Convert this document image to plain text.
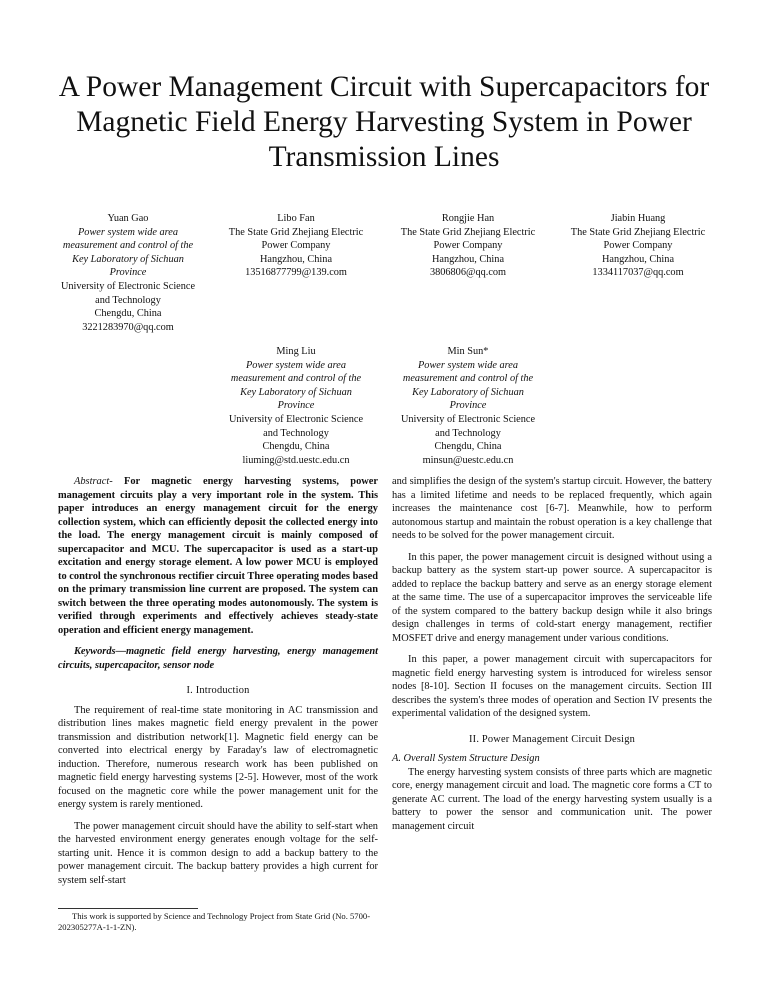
A Power Management Circuit with Supercapacitors for Magnetic Field Energy Harvesting System in Power Transmission Lines
Yuan Gao
Power system wide area
measurement and control of the
Key Laboratory of Sichuan
Province
University of Electronic Science
and Technology
Chengdu, China
3221283970@qq.com
Libo Fan
The State Grid Zhejiang Electric
Power Company
Hangzhou, China
13516877799@139.com
Rongjie Han
The State Grid Zhejiang Electric
Power Company
Hangzhou, China
3806806@qq.com
Jiabin Huang
The State Grid Zhejiang Electric
Power Company
Hangzhou, China
1334117037@qq.com
Ming Liu
Power system wide area
measurement and control of the
Key Laboratory of Sichuan
Province
University of Electronic Science
and Technology
Chengdu, China
liuming@std.uestc.edu.cn
Min Sun*
Power system wide area
measurement and control of the
Key Laboratory of Sichuan
Province
University of Electronic Science
and Technology
Chengdu, China
minsun@uestc.edu.cn

Abstract- For magnetic energy harvesting systems, power management circuits play a very important role in the system. This paper introduces an energy management circuit for the energy collection system, which can efficiently deposit the collected energy into the load. The energy management circuit is mainly composed of supercapacitor and MCU. The supercapacitor is used as a start-up excitation and energy storage element. A low power MCU is employed to control the synchronous rectifier circuit Three operating modes based on the primary transmission line current are proposed. The system can switch between the three operating modes autonomously. The system is verified through experiments and effectively achieves steady-state operation and efficient energy management.

Keywords—magnetic field energy harvesting, energy management circuits, supercapacitor, sensor node

I. Introduction

The requirement of real-time state monitoring in AC transmission and distribution lines makes magnetic field energy prevalent in the power transmission and distribution network[1]. Magnetic field energy can be converted into electrical energy by Faraday's law of electromagnetic induction. Therefore, numerous research work has been published on magnetic field energy harvesting systems [2-5]. However, most of the work focused on the magnetic core while the power management unit for the energy system is rarely mentioned.

The power management circuit should have the ability to self-start when the harvested environment energy generates enough voltage for the self-starting unit. Hence it is common design to add a backup battery to the power management circuit. The backup battery provides a high current for system self-start

This work is supported by Science and Technology Project from State Grid (No. 5700-202305277A-1-1-ZN).

and simplifies the design of the system's startup circuit. However, the battery has a limited lifetime and needs to be replaced frequently, which again increases the maintenance cost [6-7]. Meanwhile, how to perform autonomous startup and maintain the robust operation is a key challenge that needs to be solved for the power management circuit.

In this paper, the power management circuit is designed without using a backup battery as the system start-up power source. A supercapacitor is added to replace the backup battery and serve as an energy storage element at the same time. The use of a supercapacitor improves the serviceable life of the system compared to the battery backup design while it also brings design challenges in terms of cold-start energy management, rectifier MOSFET drive and energy management under various conditions.

In this paper, a power management circuit with supercapacitors for magnetic field energy harvesting system is introduced for wireless sensor nodes [8-10]. Section II focuses on the management circuits. Section III describes the system's three modes of operation and Section IV presents the experimental validation of the designed system.

II. Power Management Circuit Design

A. Overall System Structure Design

The energy harvesting system consists of three parts which are magnetic core, energy management circuit and load. The magnetic core forms a CT to generate AC current. The load of the energy harvesting system usually is a battery to power the sensor and communication unit. The power management circuit
